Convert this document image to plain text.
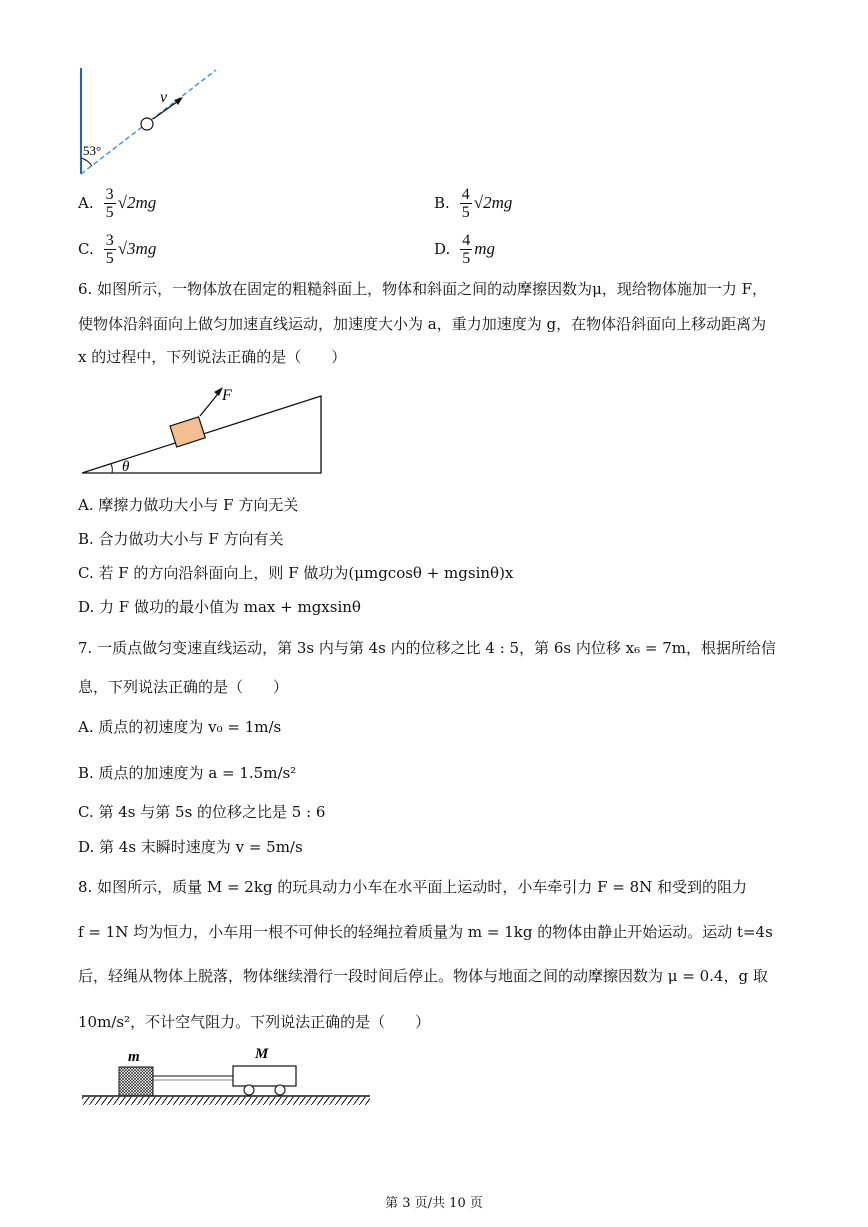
v
53°
A. $\frac{3}{5} √2mg$	B. $\frac{4}{5} √2mg$
C. $\frac{3}{5} √3mg$	D. $\frac{4}{5}$ mg
6. 如图所示，一物体放在固定的粗糙斜面上，物体和斜面之间的动摩擦因数为μ，现给物体施加一力 F，
使物体沿斜面向上做匀加速直线运动，加速度大小为 a，重力加速度为 g，在物体沿斜面向上移动距离为
x 的过程中，下列说法正确的是（　　）
F
θ
A. 摩擦力做功大小与 F 方向无关
B. 合力做功大小与 F 方向有关
C. 若 F 的方向沿斜面向上，则 F 做功为(μmgcosθ + mgsinθ)x
D. 力 F 做功的最小值为 max + mgxsinθ
7. 一质点做匀变速直线运动，第 3s 内与第 4s 内的位移之比 4 : 5，第 6s 内位移 x₆ = 7m，根据所给信
息，下列说法正确的是（　　）
A. 质点的初速度为 v₀ = 1m/s
B. 质点的加速度为 a = 1.5m/s²
C. 第 4s 与第 5s 的位移之比是 5 : 6
D. 第 4s 末瞬时速度为 v = 5m/s
8. 如图所示，质量 M = 2kg 的玩具动力小车在水平面上运动时，小车牵引力 F = 8N 和受到的阻力
f = 1N 均为恒力，小车用一根不可伸长的轻绳拉着质量为 m = 1kg 的物体由静止开始运动。运动 t=4s
后，轻绳从物体上脱落，物体继续滑行一段时间后停止。物体与地面之间的动摩擦因数为 μ = 0.4，g 取
10m/s²，不计空气阻力。下列说法正确的是（　　）
m	M
第 3 页/共 10 页
